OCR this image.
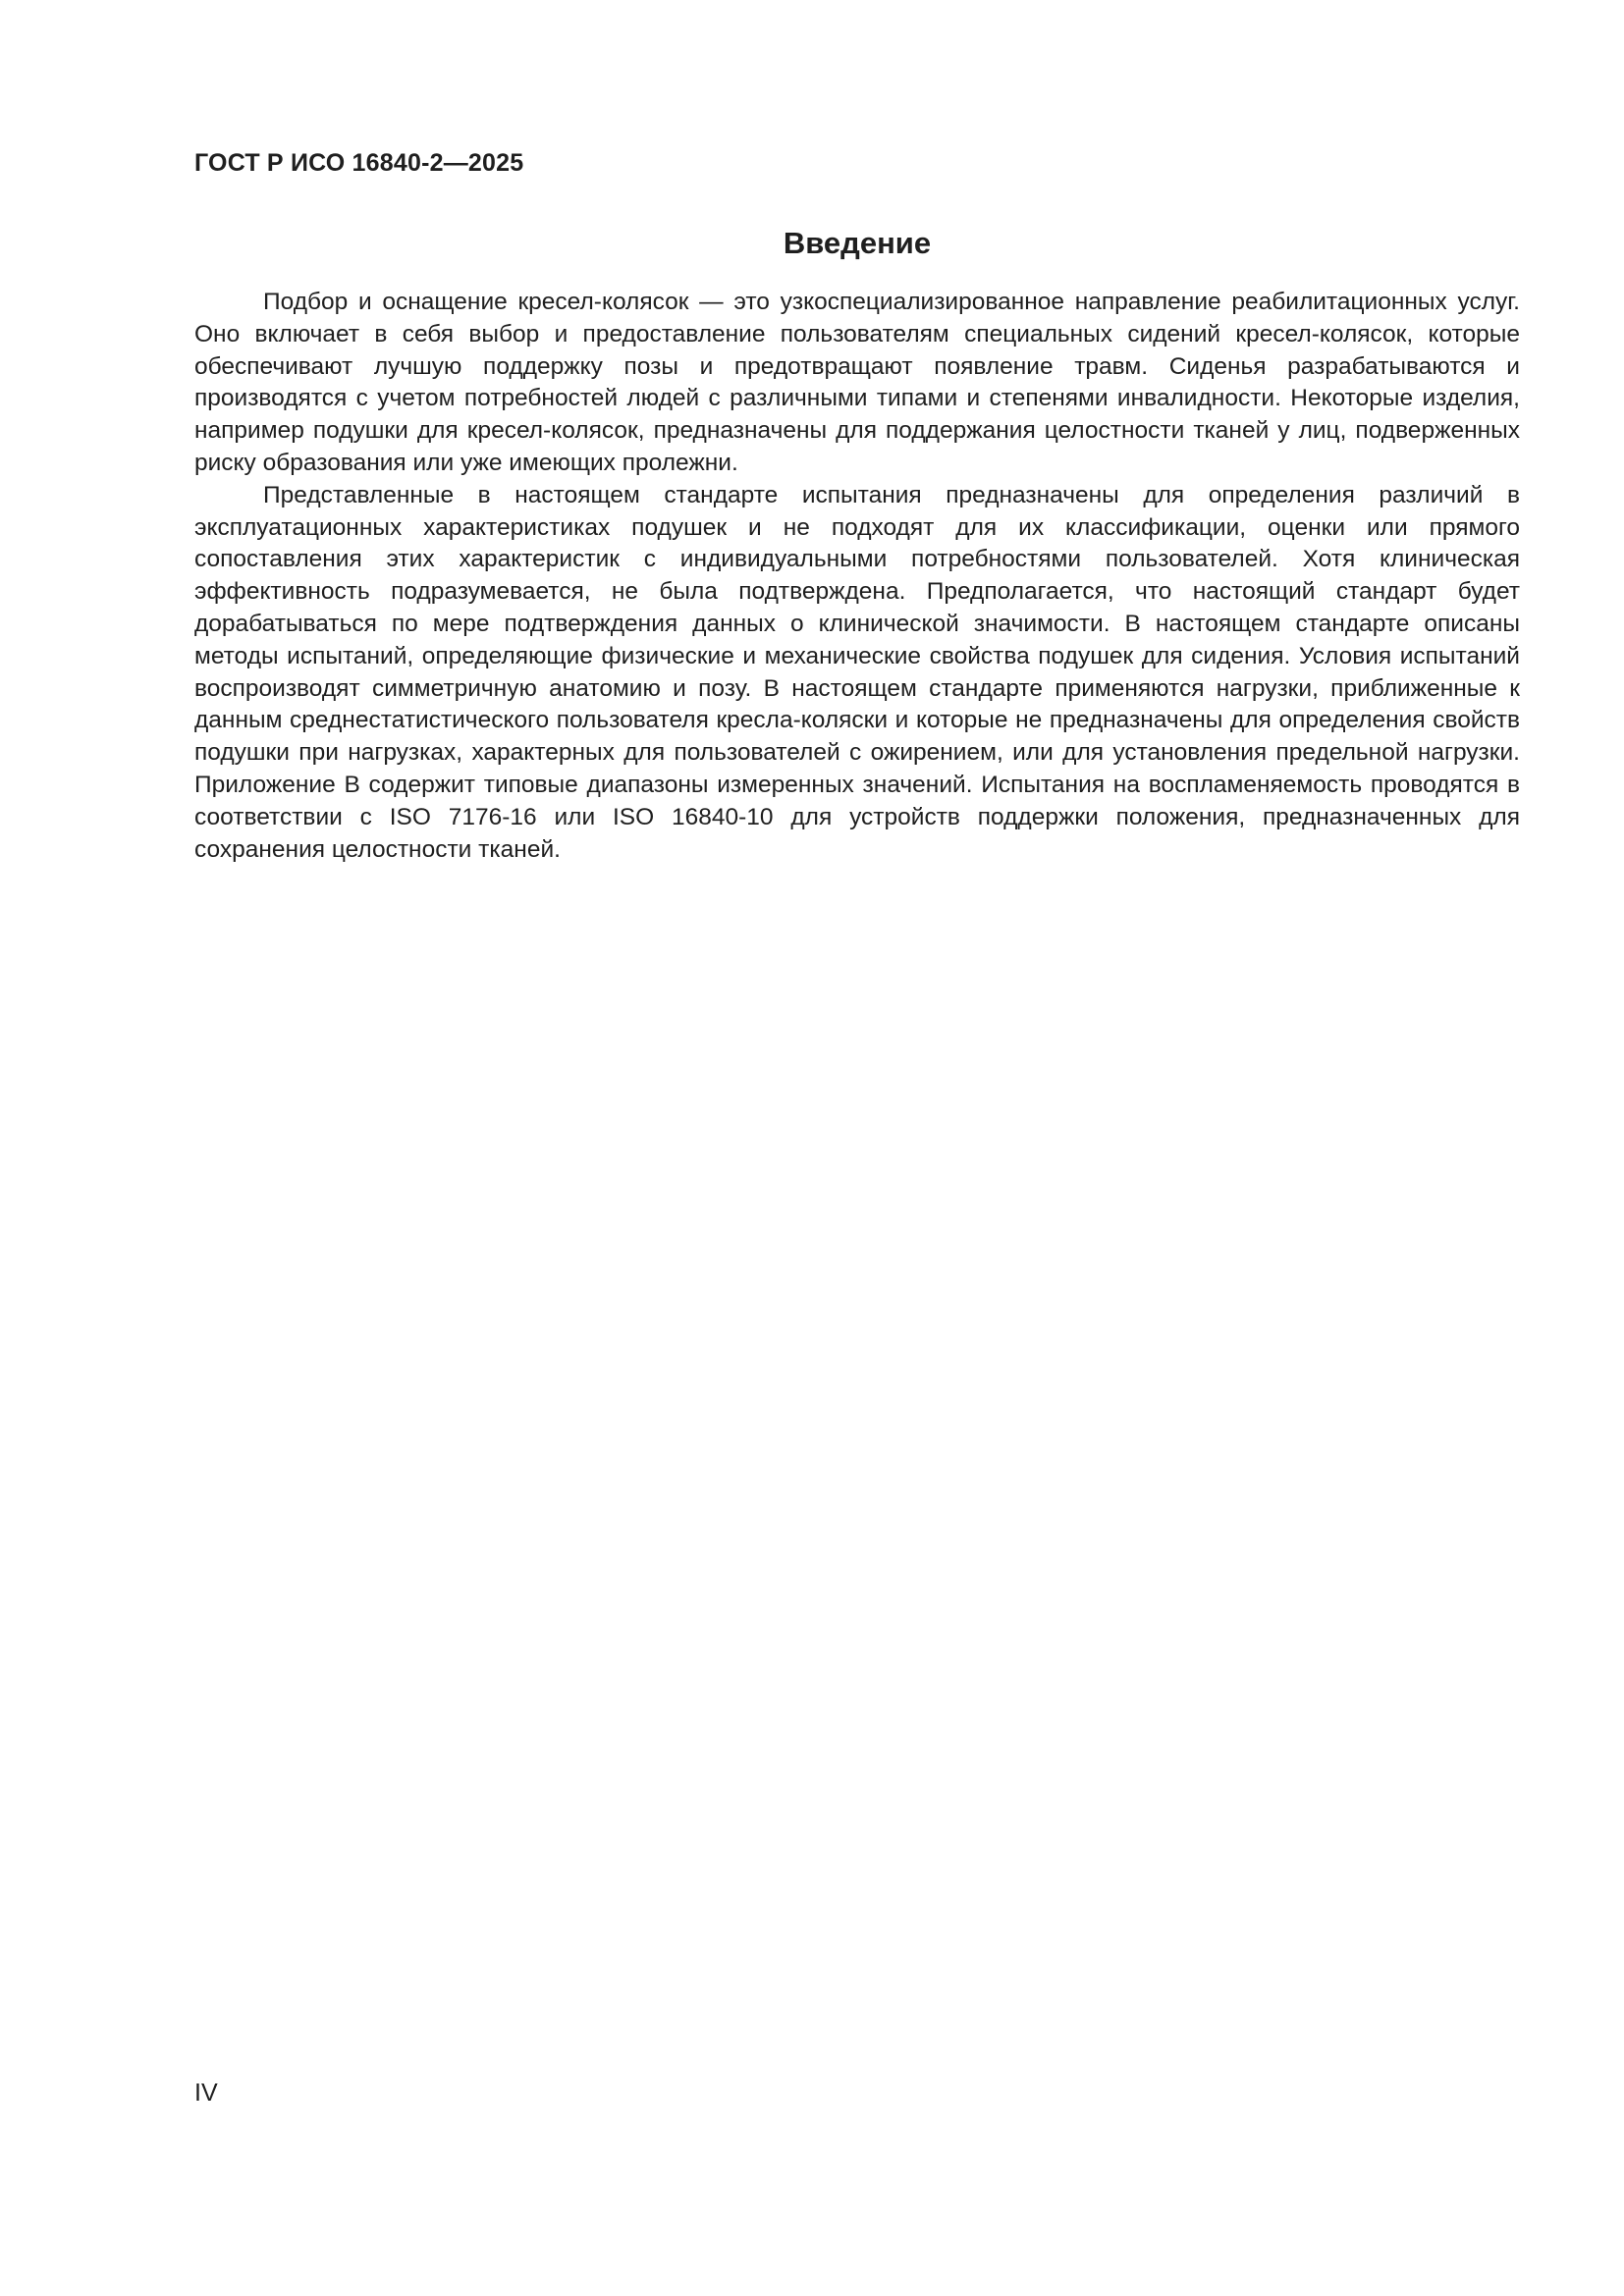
ГОСТ Р ИСО 16840-2—2025

Введение

Подбор и оснащение кресел-колясок — это узкоспециализированное направление реабилитационных услуг. Оно включает в себя выбор и предоставление пользователям специальных сидений кресел-колясок, которые обеспечивают лучшую поддержку позы и предотвращают появление травм. Сиденья разрабатываются и производятся с учетом потребностей людей с различными типами и степенями инвалидности. Некоторые изделия, например подушки для кресел-колясок, предназначены для поддержания целостности тканей у лиц, подверженных риску образования или уже имеющих пролежни.

Представленные в настоящем стандарте испытания предназначены для определения различий в эксплуатационных характеристиках подушек и не подходят для их классификации, оценки или прямого сопоставления этих характеристик с индивидуальными потребностями пользователей. Хотя клиническая эффективность подразумевается, не была подтверждена. Предполагается, что настоящий стандарт будет дорабатываться по мере подтверждения данных о клинической значимости. В настоящем стандарте описаны методы испытаний, определяющие физические и механические свойства подушек для сидения. Условия испытаний воспроизводят симметричную анатомию и позу. В настоящем стандарте применяются нагрузки, приближенные к данным среднестатистического пользователя кресла-коляски и которые не предназначены для определения свойств подушки при нагрузках, характерных для пользователей с ожирением, или для установления предельной нагрузки. Приложение В содержит типовые диапазоны измеренных значений. Испытания на воспламеняемость проводятся в соответствии с ISO 7176-16 или ISO 16840-10 для устройств поддержки положения, предназначенных для сохранения целостности тканей.

IV
